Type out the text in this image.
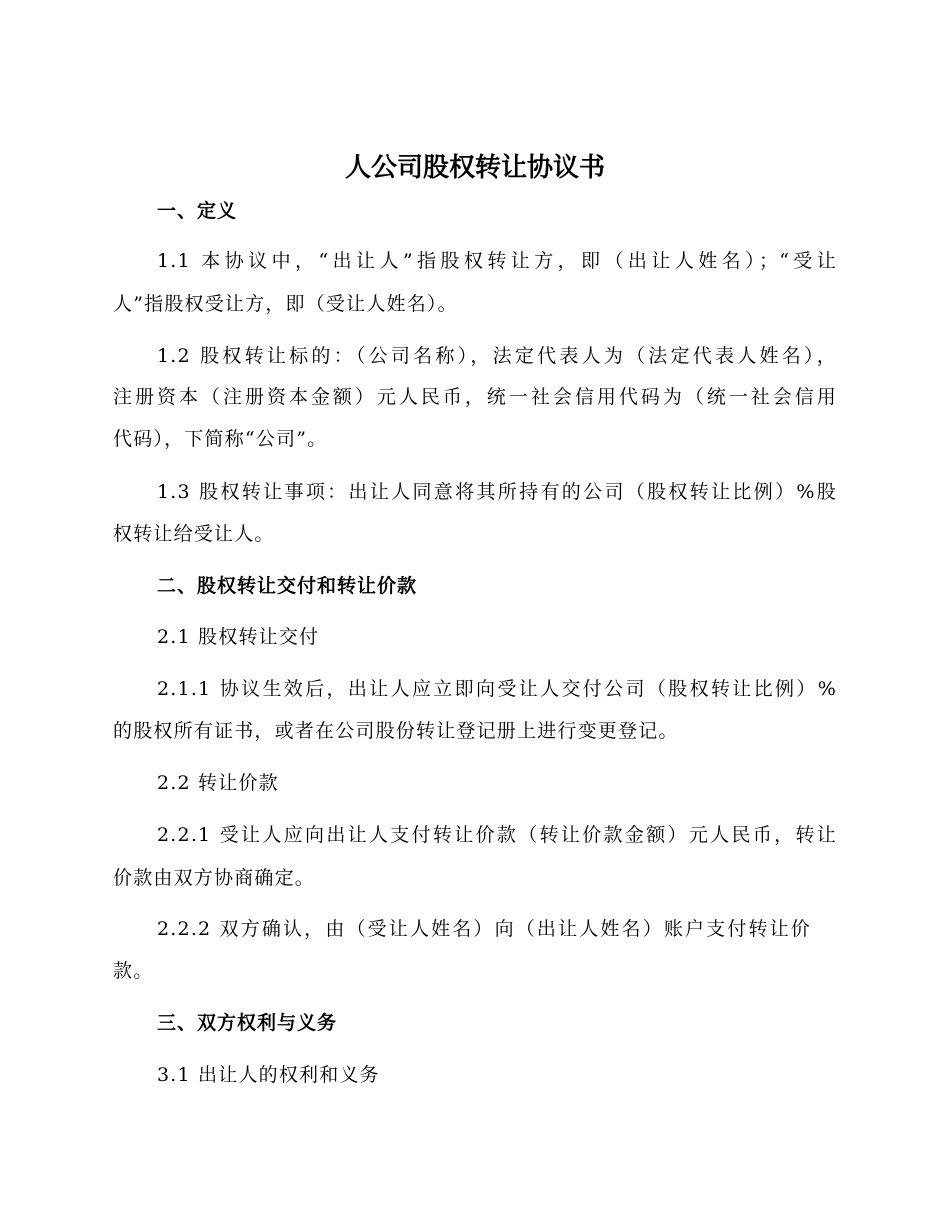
人公司股权转让协议书
一、定义
1.1 本协议中，“出让人”指股权转让方，即（出让人姓名）；“受让
人”指股权受让方，即（受让人姓名）。
1.2 股权转让标的：（公司名称），法定代表人为（法定代表人姓名），
注册资本（注册资本金额）元人民币，统一社会信用代码为（统一社会信用
代码），下简称“公司”。
1.3 股权转让事项：出让人同意将其所持有的公司（股权转让比例）%股
权转让给受让人。
二、股权转让交付和转让价款
2.1 股权转让交付
2.1.1 协议生效后，出让人应立即向受让人交付公司（股权转让比例）%
的股权所有证书，或者在公司股份转让登记册上进行变更登记。
2.2 转让价款
2.2.1 受让人应向出让人支付转让价款（转让价款金额）元人民币，转让
价款由双方协商确定。
2.2.2 双方确认，由（受让人姓名）向（出让人姓名）账户支付转让价
款。
三、双方权利与义务
3.1 出让人的权利和义务
